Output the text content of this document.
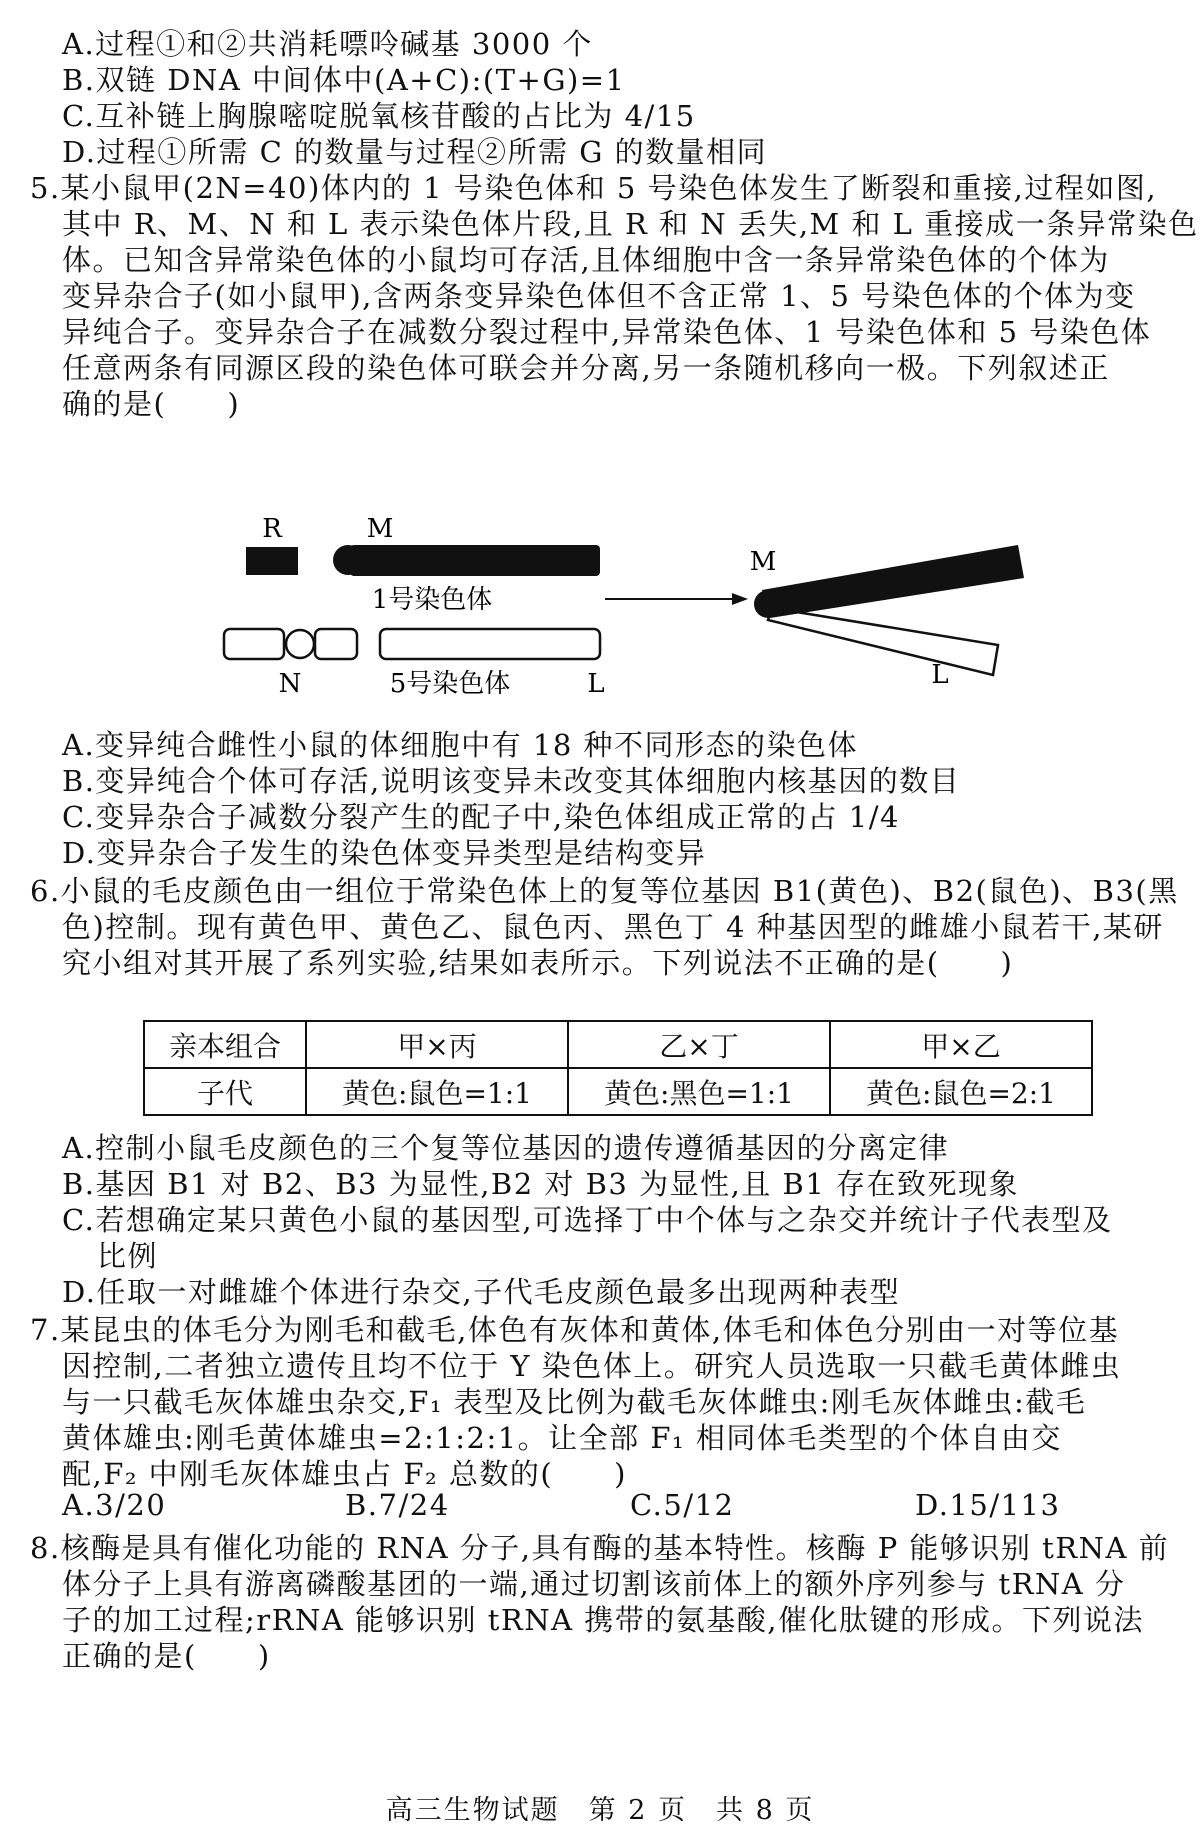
A.过程①和②共消耗嘌呤碱基 3000 个
B.双链 DNA 中间体中(A+C):(T+G)=1
C.互补链上胸腺嘧啶脱氧核苷酸的占比为 4/15
D.过程①所需 C 的数量与过程②所需 G 的数量相同
5.某小鼠甲(2N=40)体内的 1 号染色体和 5 号染色体发生了断裂和重接,过程如图,
其中 R、M、N 和 L 表示染色体片段,且 R 和 N 丢失,M 和 L 重接成一条异常染色
体。已知含异常染色体的小鼠均可存活,且体细胞中含一条异常染色体的个体为
变异杂合子(如小鼠甲),含两条变异染色体但不含正常 1、5 号染色体的个体为变
异纯合子。变异杂合子在减数分裂过程中,异常染色体、1 号染色体和 5 号染色体
任意两条有同源区段的染色体可联会并分离,另一条随机移向一极。下列叙述正
确的是(　　)
R	M
1号染色体
N	5号染色体	L
M
L
A.变异纯合雌性小鼠的体细胞中有 18 种不同形态的染色体
B.变异纯合个体可存活,说明该变异未改变其体细胞内核基因的数目
C.变异杂合子减数分裂产生的配子中,染色体组成正常的占 1/4
D.变异杂合子发生的染色体变异类型是结构变异
6.小鼠的毛皮颜色由一组位于常染色体上的复等位基因 B1(黄色)、B2(鼠色)、B3(黑
色)控制。现有黄色甲、黄色乙、鼠色丙、黑色丁 4 种基因型的雌雄小鼠若干,某研
究小组对其开展了系列实验,结果如表所示。下列说法不正确的是(　　)
亲本组合	甲×丙	乙×丁	甲×乙
子代	黄色:鼠色=1:1	黄色:黑色=1:1	黄色:鼠色=2:1
A.控制小鼠毛皮颜色的三个复等位基因的遗传遵循基因的分离定律
B.基因 B1 对 B2、B3 为显性,B2 对 B3 为显性,且 B1 存在致死现象
C.若想确定某只黄色小鼠的基因型,可选择丁中个体与之杂交并统计子代表型及
比例
D.任取一对雌雄个体进行杂交,子代毛皮颜色最多出现两种表型
7.某昆虫的体毛分为刚毛和截毛,体色有灰体和黄体,体毛和体色分别由一对等位基
因控制,二者独立遗传且均不位于 Y 染色体上。研究人员选取一只截毛黄体雌虫
与一只截毛灰体雄虫杂交,F₁ 表型及比例为截毛灰体雌虫:刚毛灰体雌虫:截毛
黄体雄虫:刚毛黄体雄虫=2:1:2:1。让全部 F₁ 相同体毛类型的个体自由交
配,F₂ 中刚毛灰体雄虫占 F₂ 总数的(　　)
A.3/20	B.7/24	C.5/12	D.15/113
8.核酶是具有催化功能的 RNA 分子,具有酶的基本特性。核酶 P 能够识别 tRNA 前
体分子上具有游离磷酸基团的一端,通过切割该前体上的额外序列参与 tRNA 分
子的加工过程;rRNA 能够识别 tRNA 携带的氨基酸,催化肽键的形成。下列说法
正确的是(　　)
高三生物试题　第 2 页　共 8 页
